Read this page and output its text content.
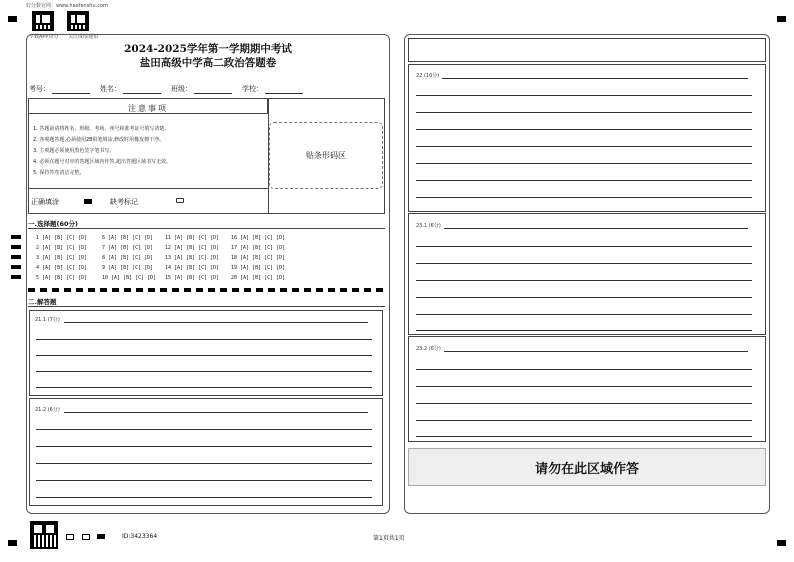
好分数官网：www.haofenshu.com
下载APP查分 关注成绩通知
2024-2025学年第一学期期中考试
盐田高级中学高二政治答题卷
考号：	姓名：	班级：	学校：
注意事项
1. 答题前请将姓名、班级、考场、座号和准考证号填写清楚。
2. 客观题答题,必须使用2B铅笔填涂,修改时用橡皮擦干净。
3. 主观题必须使用黑色签字笔书写。
4. 必须在题号对应的答题区域内作答,超出答题区域书写无效。
5. 保持答卷清洁完整。
正确填涂	缺考标记
贴条形码区
一.选择题(60分)
1 [A] [B] [C] [D]	6 [A] [B] [C] [D] 11 [A] [B] [C] [D] 16 [A] [B] [C] [D]
2 [A] [B] [C] [D]	7 [A] [B] [C] [D] 12 [A] [B] [C] [D] 17 [A] [B] [C] [D]
3 [A] [B] [C] [D]	8 [A] [B] [C] [D] 13 [A] [B] [C] [D] 18 [A] [B] [C] [D]
4 [A] [B] [C] [D]	9 [A] [B] [C] [D] 14 [A] [B] [C] [D] 19 [A] [B] [C] [D]
5 [A] [B] [C] [D]	10 [A] [B] [C] [D] 15 [A] [B] [C] [D] 20 [A] [B] [C] [D]
二.解答题
21.1 (7分)
21.2 (6分)
22 (10分)
23.1 (6分)
23.2 (6分)
请勿在此区域作答
ID:3423364	第1页共1页
